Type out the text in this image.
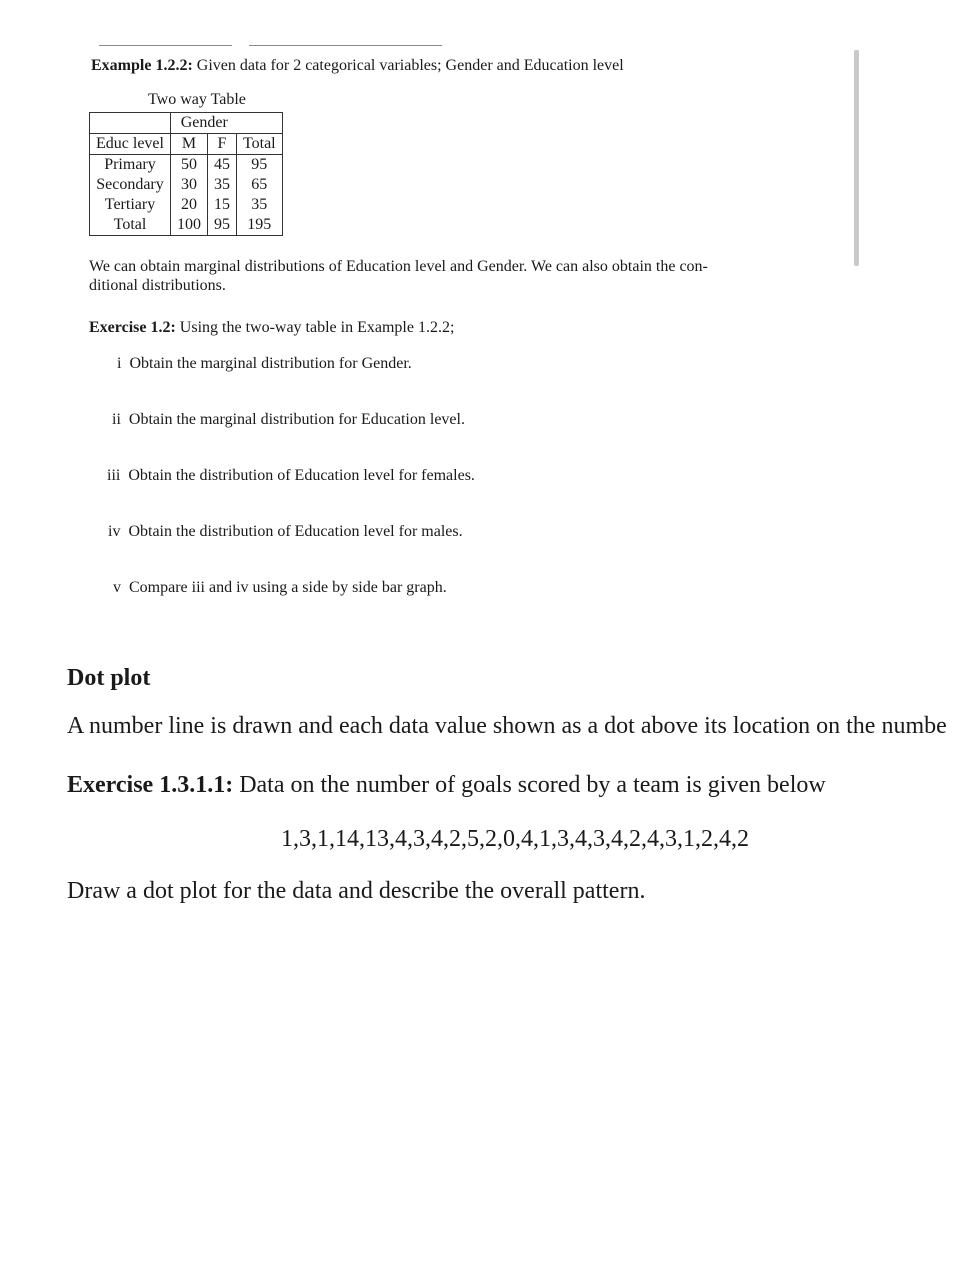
Example 1.2.2: Given data for 2 categorical variables; Gender and Education level

Two way Table
	Gender		
Educ level	M	F	Total
Primary	50	45	95
Secondary	30	35	65
Tertiary	20	15	35
Total	100	95	195

We can obtain marginal distributions of Education level and Gender. We can also obtain the con-

ditional distributions.

Exercise 1.2: Using the two-way table in Example 1.2.2;

i Obtain the marginal distribution for Gender.

ii Obtain the marginal distribution for Education level.

iii Obtain the distribution of Education level for females.

iv Obtain the distribution of Education level for males.

v Compare iii and iv using a side by side bar graph.

Dot plot

A number line is drawn and each data value shown as a dot above its location on the numbe

Exercise 1.3.1.1: Data on the number of goals scored by a team is given below

1,3,1,14,13,4,3,4,2,5,2,0,4,1,3,4,3,4,2,4,3,1,2,4,2

Draw a dot plot for the data and describe the overall pattern.
